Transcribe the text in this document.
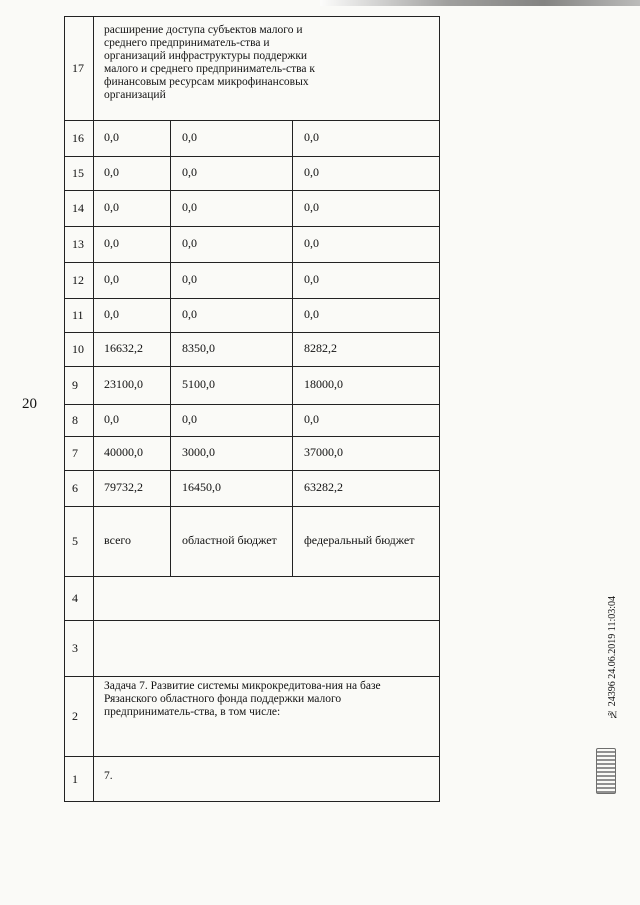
20
17
16
15
14
13
12
11
10
9
8
7
6
5
4
3
2
1
всего
79732,2
40000,0
0,0
23100,0
16632,2
0,0
0,0
0,0
0,0
0,0
0,0
областной бюджет
16450,0
3000,0
0,0
5100,0
8350,0
0,0
0,0
0,0
0,0
0,0
0,0
федеральный бюджет
63282,2
37000,0
0,0
18000,0
8282,2
0,0
0,0
0,0
0,0
0,0
0,0
расширение доступа субъектов малого и среднего предприниматель-ства и организаций инфраструктуры поддержки малого и среднего предприниматель-ства к финансовым ресурсам микрофинансовых организаций
Задача 7. Развитие системы микрокредитова-ния на базе Рязанского областного фонда поддержки малого предприниматель-ства, в том числе:
7.
№ 24396 24.06.2019 11:03:04
